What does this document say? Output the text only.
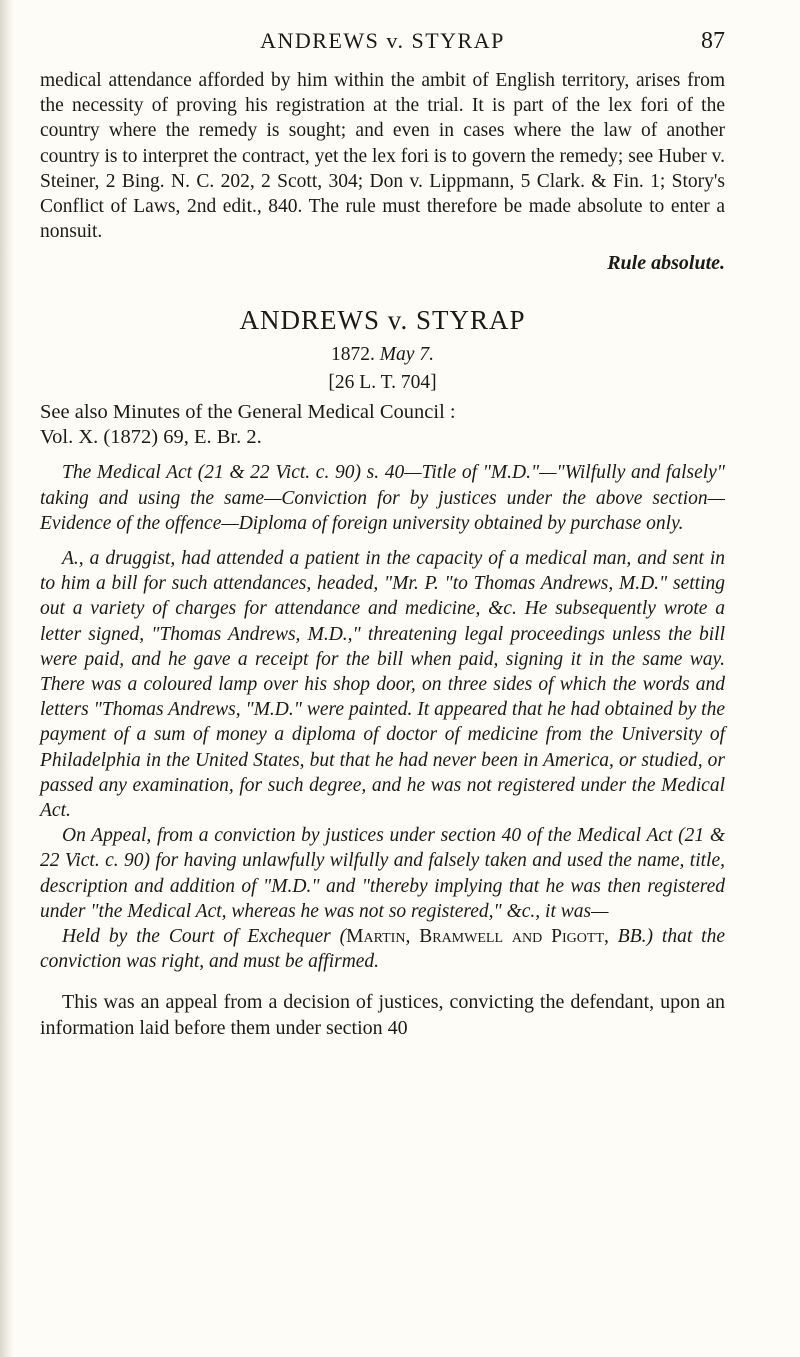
ANDREWS v. STYRAP	87

medical attendance afforded by him within the ambit of English territory, arises from the necessity of proving his registration at the trial. It is part of the lex fori of the country where the remedy is sought; and even in cases where the law of another country is to interpret the contract, yet the lex fori is to govern the remedy; see Huber v. Steiner, 2 Bing. N. C. 202, 2 Scott, 304; Don v. Lippmann, 5 Clark. & Fin. 1; Story's Conflict of Laws, 2nd edit., 840. The rule must therefore be made absolute to enter a nonsuit.

Rule absolute.

ANDREWS v. STYRAP

1872. May 7.

[26 L. T. 704]

See also Minutes of the General Medical Council :

Vol. X. (1872) 69, E. Br. 2.

The Medical Act (21 & 22 Vict. c. 90) s. 40—Title of "M.D."—"Wilfully and falsely" taking and using the same—Conviction for by justices under the above section—Evidence of the offence—Diploma of foreign university obtained by purchase only.

A., a druggist, had attended a patient in the capacity of a medical man, and sent in to him a bill for such attendances, headed, "Mr. P. "to Thomas Andrews, M.D." setting out a variety of charges for attendance and medicine, &c. He subsequently wrote a letter signed, "Thomas Andrews, M.D.," threatening legal proceedings unless the bill were paid, and he gave a receipt for the bill when paid, signing it in the same way. There was a coloured lamp over his shop door, on three sides of which the words and letters "Thomas Andrews, "M.D." were painted. It appeared that he had obtained by the payment of a sum of money a diploma of doctor of medicine from the University of Philadelphia in the United States, but that he had never been in America, or studied, or passed any examination, for such degree, and he was not registered under the Medical Act.

On Appeal, from a conviction by justices under section 40 of the Medical Act (21 & 22 Vict. c. 90) for having unlawfully wilfully and falsely taken and used the name, title, description and addition of "M.D." and "thereby implying that he was then registered under "the Medical Act, whereas he was not so registered," &c., it was—

Held by the Court of Exchequer (Martin, Bramwell and Pigott, BB.) that the conviction was right, and must be affirmed.

This was an appeal from a decision of justices, convicting the defendant, upon an information laid before them under section 40
